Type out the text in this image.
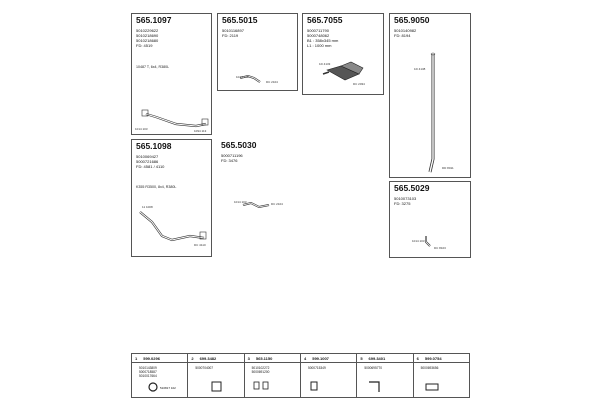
565.1097
5010229622
5010218690
5010218680
FD: 4519
10487 T, 6x4, R380L
1014 103	1094 113
565.5015
5010116897
FD: 2119
1014 143
DC 2104
565.7055
5000711790
5000748062
B1 : 358x345 mm
L1 : 1000 mm
1D 4133
DC 2034
565.9050
5010140982
FD: 8194
1D 4138
DD 8011
565.1098
5010069427
5000721686
FD: 4581 / 4110
K355 R3500, 8x4, R380L
11 1008
DC 4110
565.5030
5000711196
FD: 3476
1014 103	DC 2104
565.5029
5010073103
FD: 3275
1014 103
DC 8103
1 599.0296
5010143809
5000718587
5010017664
510817 102
2 699.3482
5000704007
3 565.1150
5010102272
5000691200
4 599.1007
5000715349
5 699.3401
5000695770
6 599.0754
5000693656
